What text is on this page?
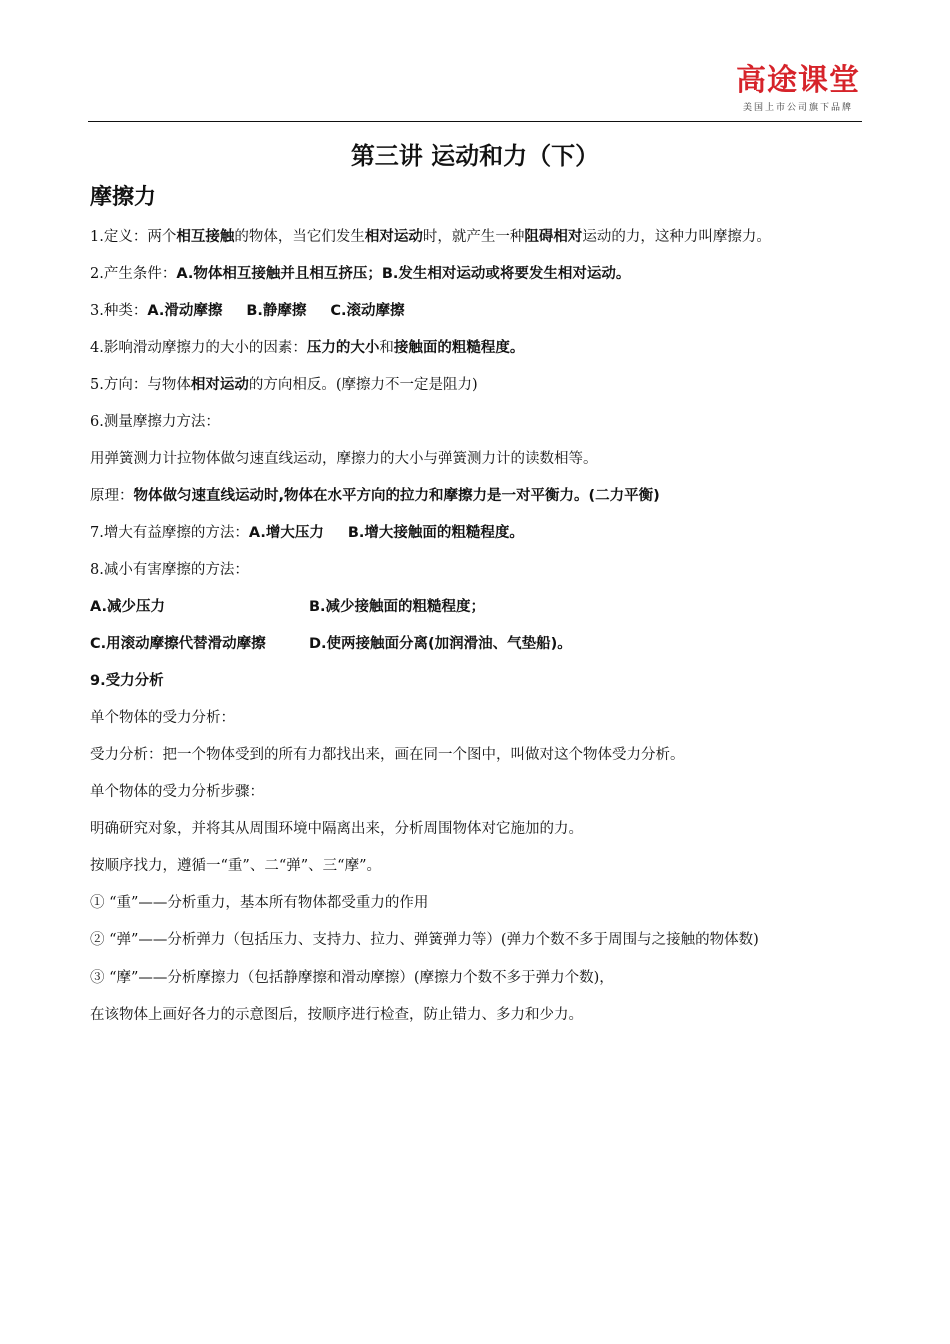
高途课堂
美国上市公司旗下品牌
第三讲 运动和力（下）
摩擦力

1.定义：两个相互接触的物体，当它们发生相对运动时，就产生一种阻碍相对运动的力，这种力叫摩擦力。

2.产生条件：A.物体相互接触并且相互挤压；B.发生相对运动或将要发生相对运动。

3.种类：A.滑动摩擦 B.静摩擦 C.滚动摩擦

4.影响滑动摩擦力的大小的因素：压力的大小和接触面的粗糙程度。

5.方向：与物体相对运动的方向相反。(摩擦力不一定是阻力)

6.测量摩擦力方法：

用弹簧测力计拉物体做匀速直线运动，摩擦力的大小与弹簧测力计的读数相等。

原理：物体做匀速直线运动时,物体在水平方向的拉力和摩擦力是一对平衡力。(二力平衡)

7.增大有益摩擦的方法：A.增大压力 B.增大接触面的粗糙程度。

8.减小有害摩擦的方法：

A.减少压力	B.减少接触面的粗糙程度；

C.用滚动摩擦代替滑动摩擦	D.使两接触面分离(加润滑油、气垫船)。

9.受力分析

单个物体的受力分析：

受力分析：把一个物体受到的所有力都找出来，画在同一个图中，叫做对这个物体受力分析。

单个物体的受力分析步骤：

明确研究对象，并将其从周围环境中隔离出来，分析周围物体对它施加的力。

按顺序找力，遵循一“重”、二“弹”、三“摩”。

① “重”——分析重力，基本所有物体都受重力的作用

② “弹”——分析弹力（包括压力、支持力、拉力、弹簧弹力等）(弹力个数不多于周围与之接触的物体数)

③ “摩”——分析摩擦力（包括静摩擦和滑动摩擦）(摩擦力个数不多于弹力个数)，

在该物体上画好各力的示意图后，按顺序进行检查，防止错力、多力和少力。
